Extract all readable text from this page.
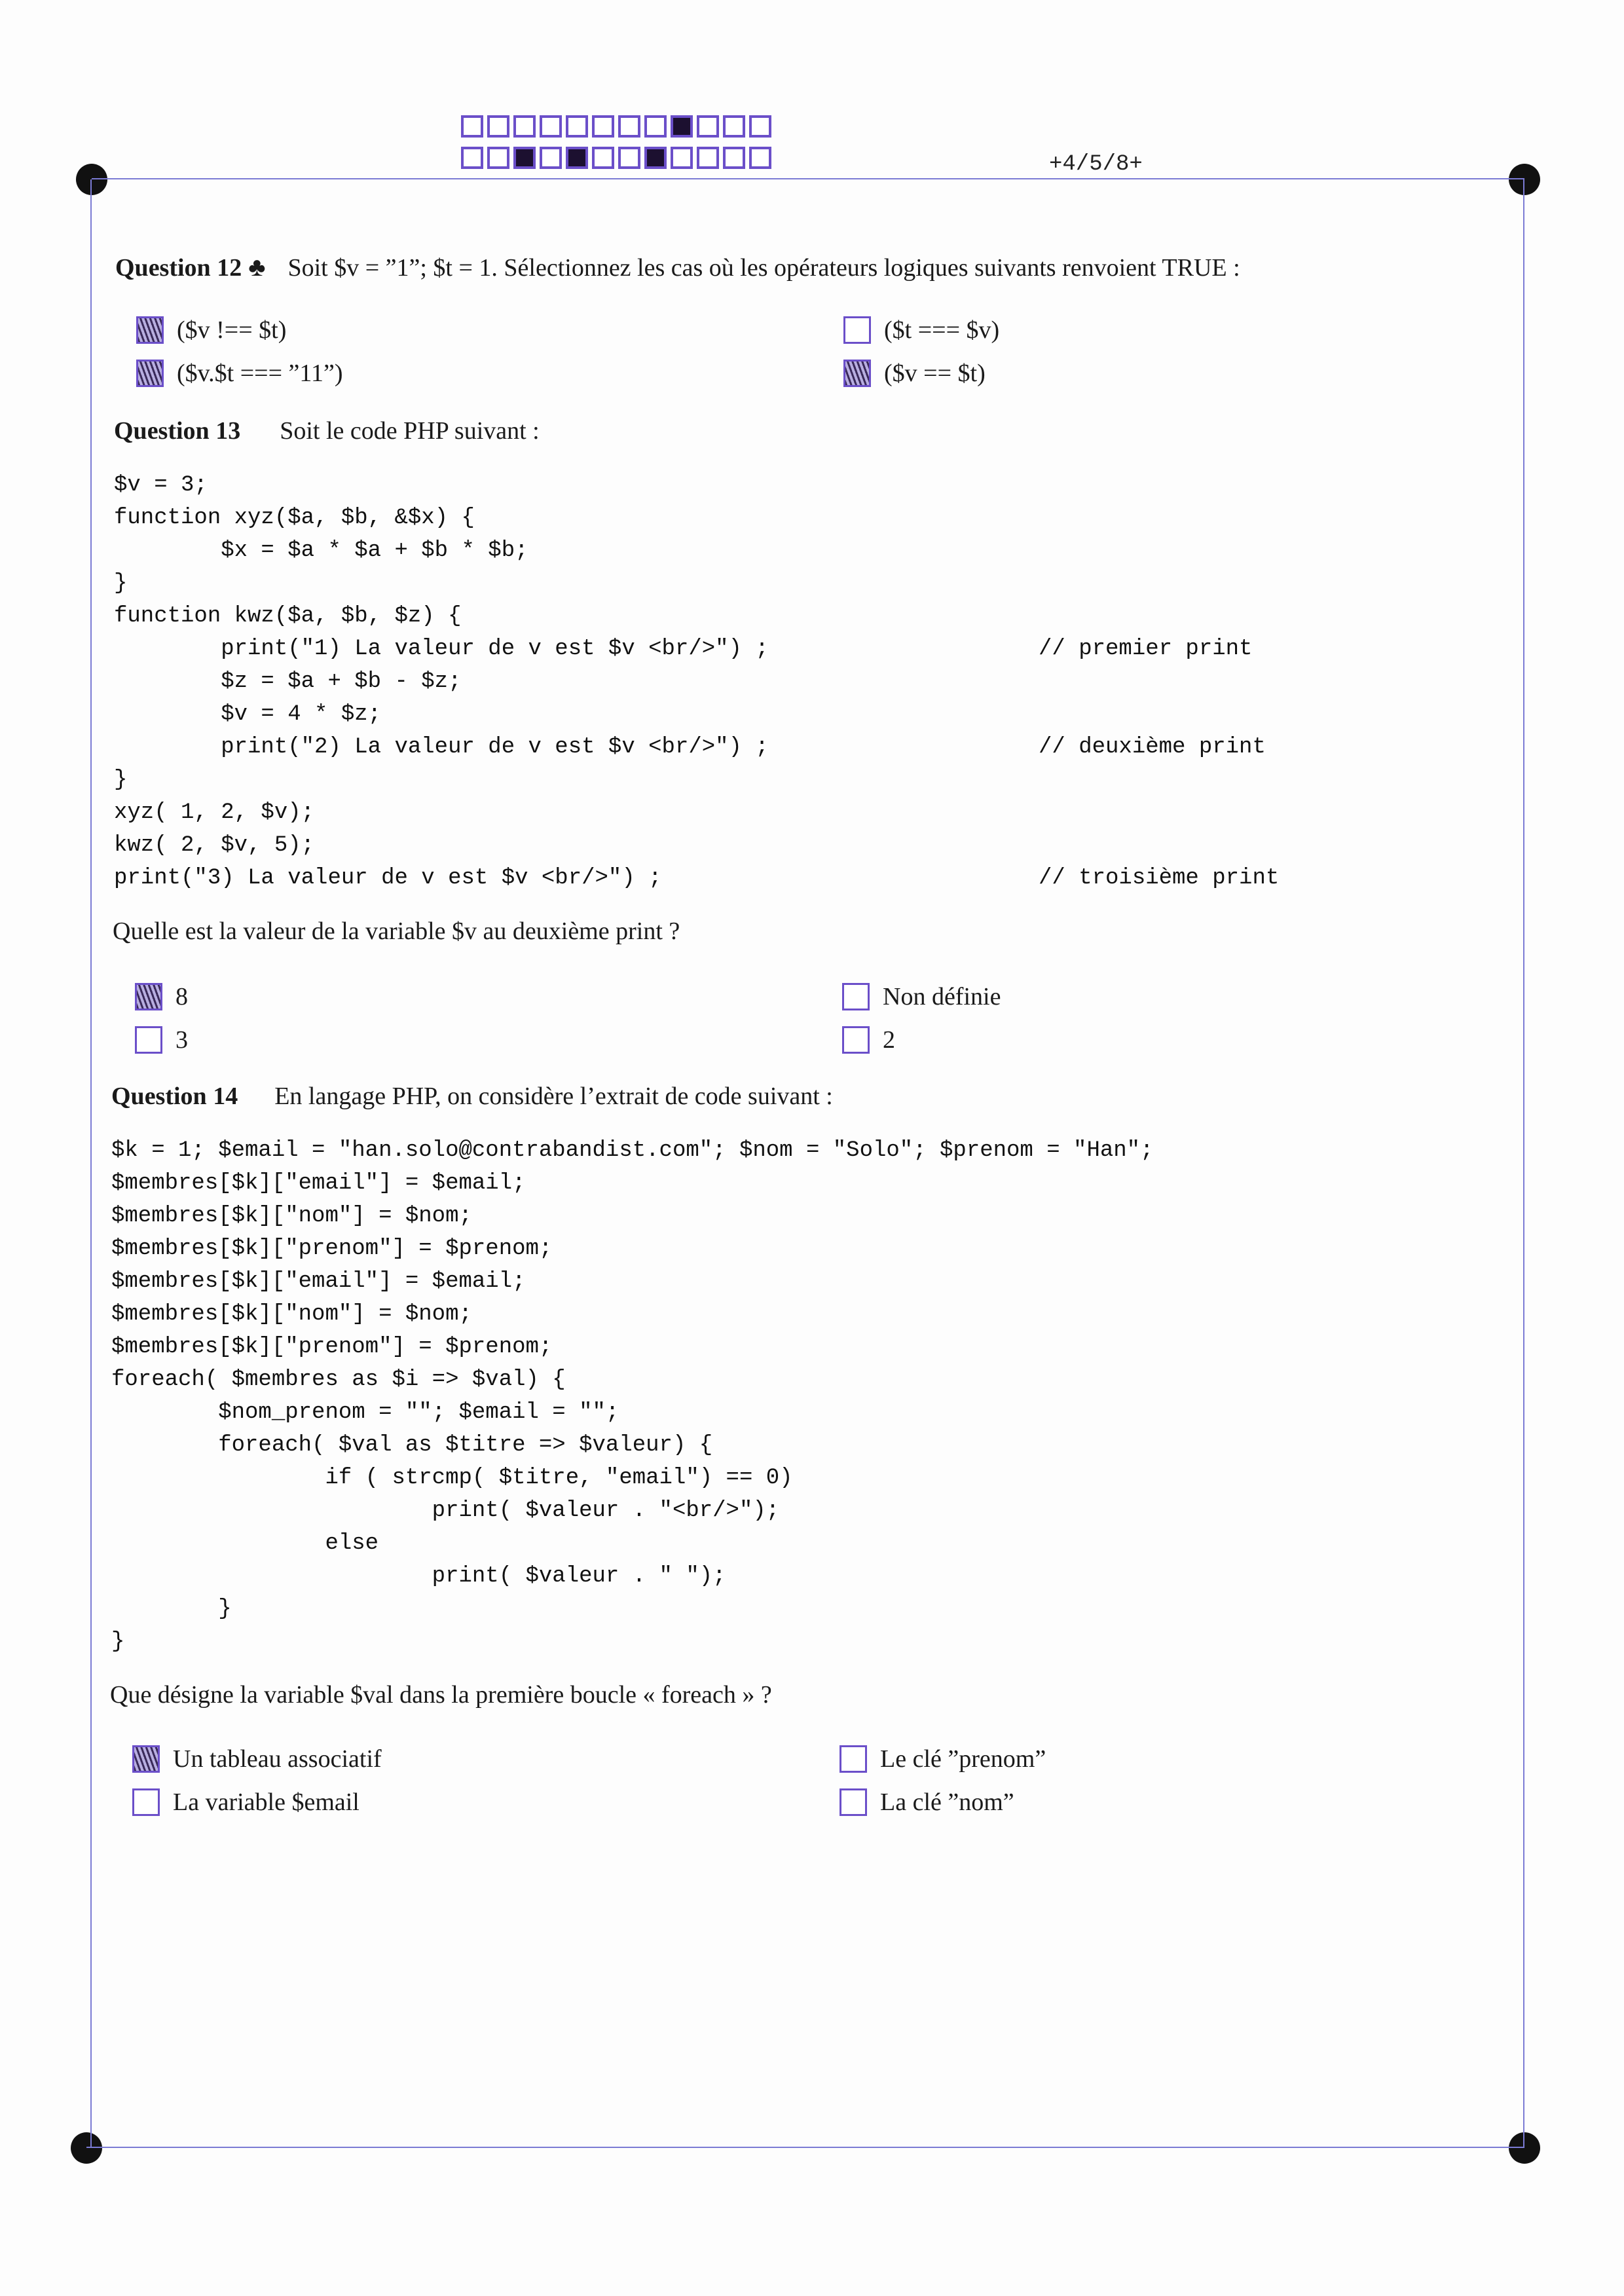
+4/5/8+
Question 12 ♣ Soit $v = ”1”; $t = 1. Sélectionnez les cas où les opérateurs logiques suivants renvoient TRUE :
($v !== $t)
($v.$t === ”11”)
($t === $v)
($v == $t)
Question 13 Soit le code PHP suivant :
$v = 3;
function xyz($a, $b, &$x) {
$x = $a * $a + $b * $b;
}
function kwz($a, $b, $z) {
print("1) La valeur de v est $v <br/>") ;
$z = $a + $b - $z;
$v = 4 * $z;
print("2) La valeur de v est $v <br/>") ;
}
xyz( 1, 2, $v);
kwz( 2, $v, 5);
print("3) La valeur de v est $v <br/>") ;
// premier print
// deuxième print
// troisième print
Quelle est la valeur de la variable $v au deuxième print ?
8
3
Non définie
2
Question 14 En langage PHP, on considère l’extrait de code suivant :
$k = 1; $email = "han.solo@contrabandist.com"; $nom = "Solo"; $prenom = "Han";
$membres[$k]["email"] = $email;
$membres[$k]["nom"] = $nom;
$membres[$k]["prenom"] = $prenom;
$membres[$k]["email"] = $email;
$membres[$k]["nom"] = $nom;
$membres[$k]["prenom"] = $prenom;
foreach( $membres as $i => $val) {
$nom_prenom = ""; $email = "";
foreach( $val as $titre => $valeur) {
if ( strcmp( $titre, "email") == 0)
print( $valeur . "<br/>");
else
print( $valeur . " ");
}
}
Que désigne la variable $val dans la première boucle « foreach » ?
Un tableau associatif
La variable $email
Le clé ”prenom”
La clé ”nom”
